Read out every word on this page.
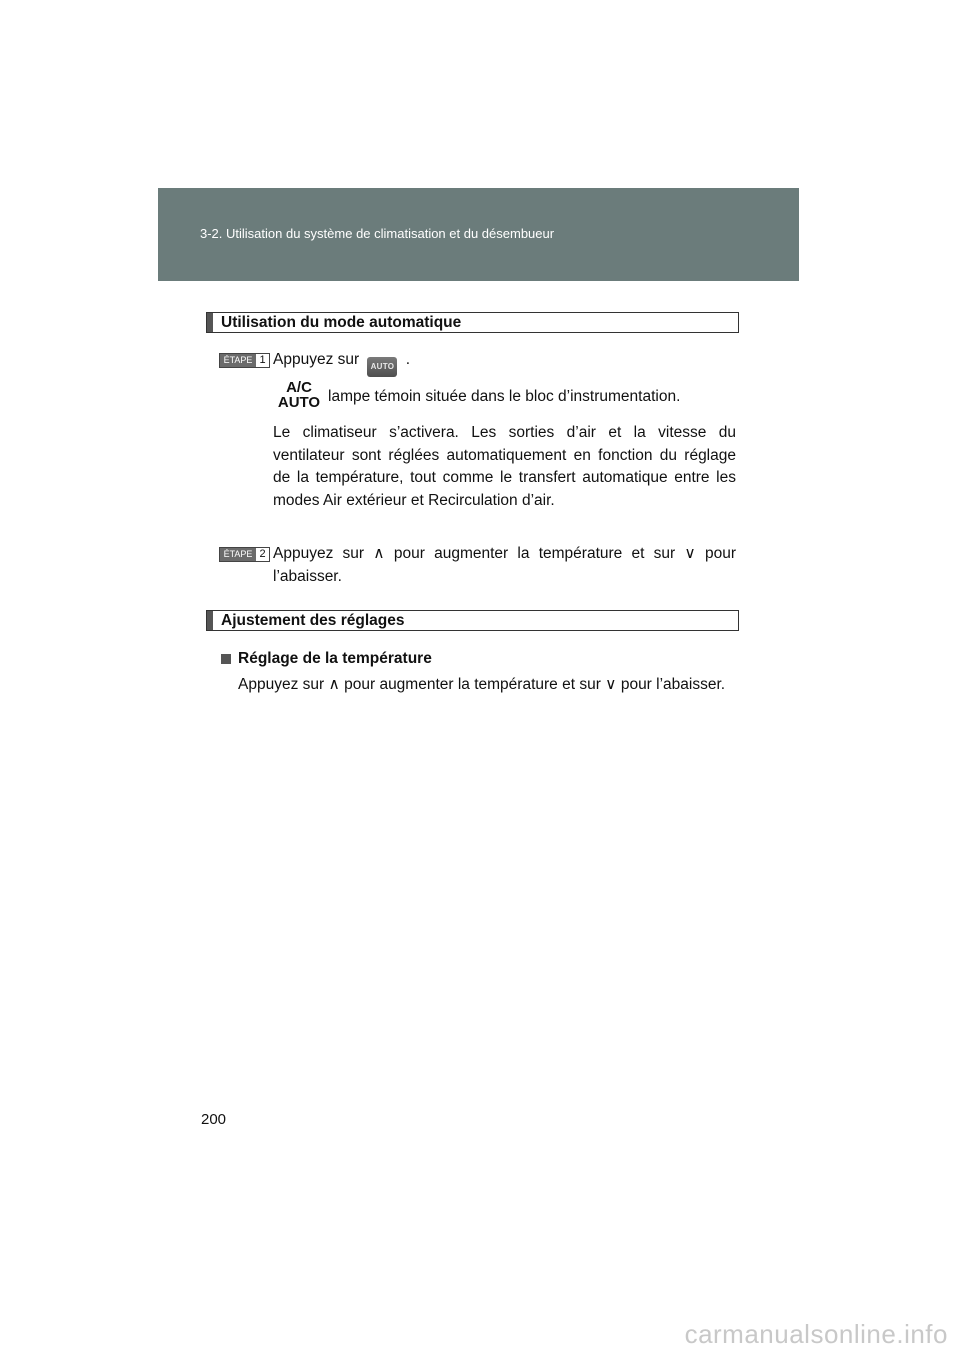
3-2. Utilisation du système de climatisation et du désembueur
Utilisation du mode automatique
ÉTAPE 1 Appuyez sur AUTO .
A/C
AUTO lampe témoin située dans le bloc d’instrumentation.
Le climatiseur s’activera. Les sorties d’air et la vitesse du ventilateur sont réglées automatiquement en fonction du réglage de la température, tout comme le transfert automatique entre les modes Air extérieur et Recirculation d’air.
ÉTAPE 2 Appuyez sur ∧ pour augmenter la température et sur ∨ pour l’abaisser.
Ajustement des réglages
Réglage de la température
Appuyez sur ∧ pour augmenter la température et sur ∨ pour l’abaisser.
200
carmanualsonline.info
